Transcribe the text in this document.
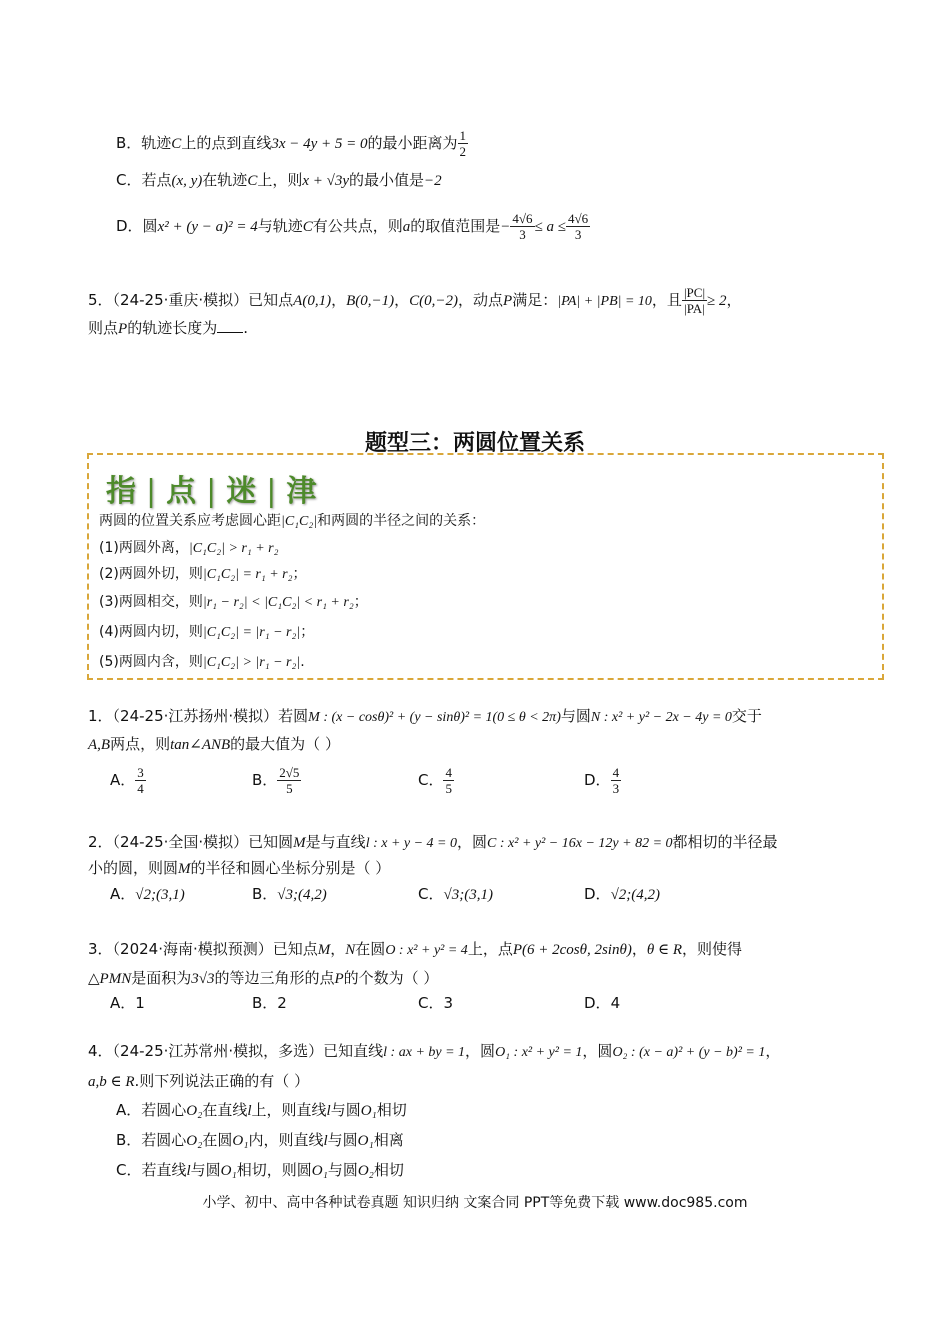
B．轨迹C上的点到直线3x − 4y + 5 = 0的最小距离为 $\frac{1}{2}$
C．若点(x, y)在轨迹C上，则x + √3y的最小值是−2
D．圆x² + (y − a)² = 4与轨迹C有公共点，则a的取值范围是− $\frac{4√6}{3} \le a \le \frac{4√6}{3}$
5．（24-25·重庆·模拟）已知点A(0,1)，B(0,−1)，C(0,−2)，动点P满足：|PA| + |PB| = 10，且 $\frac{|PC|}{|PA|} \ge 2$，
则点P的轨迹长度为 .
题型三：两圆位置关系
指 | 点 | 迷 | 津
两圆的位置关系应考虑圆心距|C₁C₂|和两圆的半径之间的关系：
(1)两圆外离，|C₁C₂| > r₁ + r₂
(2)两圆外切，则|C₁C₂| = r₁ + r₂；
(3)两圆相交，则|r₁ − r₂| < |C₁C₂| < r₁ + r₂；
(4)两圆内切，则|C₁C₂| = |r₁ − r₂|；
(5)两圆内含，则|C₁C₂| > |r₁ − r₂|.
1．（24-25·江苏扬州·模拟）若圆M : (x − cosθ)² + (y − sinθ)² = 1(0 ≤ θ < 2π)与圆N : x² + y² − 2x − 4y = 0交于
A,B两点，则tan∠ANB的最大值为（ ）
A． $\frac{3}{4}$	B． $\frac{2√5}{5}$	C． $\frac{4}{5}$	D． $\frac{4}{3}$
2．（24-25·全国·模拟）已知圆M是与直线l : x + y − 4 = 0，圆C : x² + y² − 16x − 12y + 82 = 0都相切的半径最
小的圆，则圆M的半径和圆心坐标分别是（ ）
A．√2;(3,1)	B．√3;(4,2)	C．√3;(3,1)	D．√2;(4,2)
3．（2024·海南·模拟预测）已知点M，N在圆O : x² + y² = 4上，点P(6 + 2cosθ, 2sinθ)，θ ∈ R，则使得
△PMN是面积为3√3的等边三角形的点P的个数为（ ）
A．1	B．2	C．3	D．4
4．（24-25·江苏常州·模拟，多选）已知直线l : ax + by = 1，圆O₁ : x² + y² = 1，圆O₂ : (x − a)² + (y − b)² = 1，
a,b ∈ R.则下列说法正确的有（ ）
A．若圆心O₂在直线l上，则直线l与圆O₁相切
B．若圆心O₂在圆O₁内，则直线l与圆O₁相离
C．若直线l与圆O₁相切，则圆O₁与圆O₂相切
小学、初中、高中各种试卷真题 知识归纳 文案合同 PPT等免费下载 www.doc985.com
